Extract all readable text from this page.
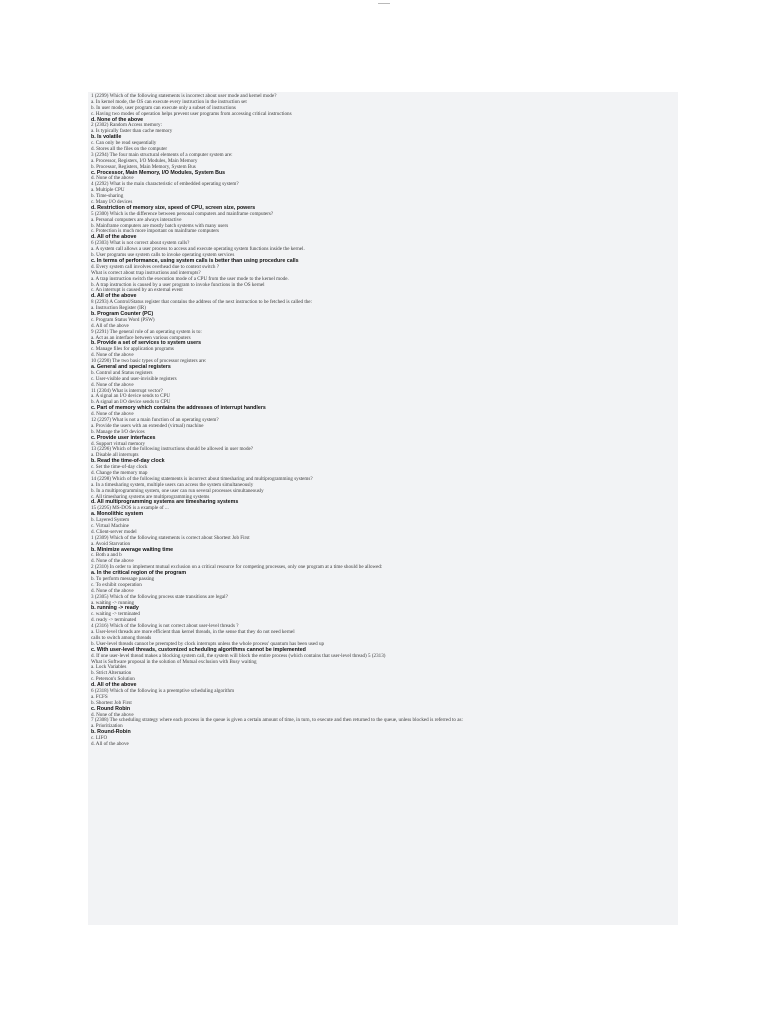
1 (2299) Which of the following statements is incorrect about user mode and kernel mode?
a. In kernel mode, the OS can execute every instruction in the instruction set
b. In user mode, user program can execute only a subset of instructions
c. Having two modes of operation helps prevent user programs from accessing critical instructions
d. None of the above
2 (2302) Random Access memory:
a. Is typically faster than cache memory
b. Is volatile
c. Can only be read sequentially
d. Stores all the files on the computer
3 (2294) The four main structural elements of a computer system are:
a. Processor, Registers, I/O Modules, Main Memory
b. Processor, Registers, Main Memory, System Bus
c. Processor, Main Memory, I/O Modules, System Bus
d. None of the above
4 (2292) What is the main characteristic of embedded operating system?
a. Multiple CPU
b. Time-sharing
c. Many I/O devices
d. Restriction of memory size, speed of CPU, screen size, powers
5 (2300) Which is the difference between personal computers and mainframe computers?
a. Personal computers are always interactive
b. Mainframe computers are mostly batch systems with many users
c. Protection is much more important on mainframe computers
d. All of the above
6 (2303) What is not correct about system calls?
a. A system call allows a user process to access and execute operating system functions inside the kernel.
b. User programs use system calls to invoke operating system services
c. In terms of performance, using system calls is better than using procedure calls
d. Every system call involves overhead due to context switch ?
What is correct about trap instructions and interrupts?
a. A trap instruction switch the execution mode of a CPU from the user mode to the kernel mode.
b. A trap instruction is caused by a user program to invoke functions in the OS kernel
c. An interrupt is caused by an external event
d. All of the above
8 (2293) A Control/Status register that contains the address of the next instruction to be fetched is called the:
a. Instruction Register (IR)
b. Program Counter (PC)
c. Program Status Word (PSW)
d. All of the above
9 (2291) The general role of an operating system is to:
a. Act as an interface between various computers
b. Provide a set of services to system users
c. Manage files for application programs
d. None of the above
10 (2290) The two basic types of processor registers are:
a. General and special registers
b. Control and Status registers
c. User-visible and user-invisible registers
d. None of the above
11 (2304) What is interrupt vector?
a. A signal an I/O device sends to CPU
b. A signal an I/O device sends to CPU
c. Part of memory which contains the addresses of interrupt handlers
d. None of the above
12 (2297) What is not a main function of an operating system?
a. Provide the users with an extended (virtual) machine
b. Manage the I/O devices
c. Provide user interfaces
d. Support virtual memory
13 (2296) Which of the following instructions should be allowed in user mode?
a. Disable all interrupts
b. Read the time-of-day clock
c. Set the time-of-day clock
d. Change the memory map
14 (2298) Which of the following statements is incorrect about timesharing and multiprogramming systems?
a. In a timesharing system, multiple users can access the system simultaneously
b. In a multiprogramming system, one user can run several processes simultaneously
c. All timesharing systems are multiprogramming systems
d. All multiprogramming systems are timesharing systems
15 (2295) MS-DOS is a example of ...
a. Monolithic system
b. Layered System
c. Virtual Machine
d. Client-server model
1 (2309) Which of the following statements is correct about Shortest Job First
a. Avoid Starvation
b. Minimize average waiting time
c. Both a and b
d. None of the above
2 (2310) In order to implement mutual exclusion on a critical resource for competing processes, only one program at a time should be allowed:
a. In the critical region of the program
b. To perform message passing
c. To exhibit cooperation
d. None of the above
3 (2305) Which of the following process state transitions are legal?
a. waiting -> running
b. running -> ready
c. waiting -> terminated
d. ready -> terminated
4 (2316) Which of the following is not correct about user-level threads ?
a. User-level threads are more efficient than kernel threads, in the sense that they do not need kernel
calls to switch among threads
b. User-level threads cannot be preempted by clock interrupts unless the whole process' quantum has been used up
c. With user-level threads, customized scheduling algorithms cannot be implemented
d. If one user-level thread makes a blocking system call, the system will block the entire process (which contains that user-level thread) 5 (2313)
What is Software proposal in the solution of Mutual exclusion with Busy waiting
a. Lock Variables
b. Strict Alternation
c. Peterson's Solution
d. All of the above
6 (2318) Which of the following is a preemptive scheduling algorithm
a. FCFS
b. Shortest Job First
c. Round Robin
d. None of the above
7 (2308) The scheduling strategy where each process in the queue is given a certain amount of time, in turn, to execute and then returned to the queue, unless blocked is referred to as:
a. Prioritization
b. Round-Robin
c. LIFO
d. All of the above
